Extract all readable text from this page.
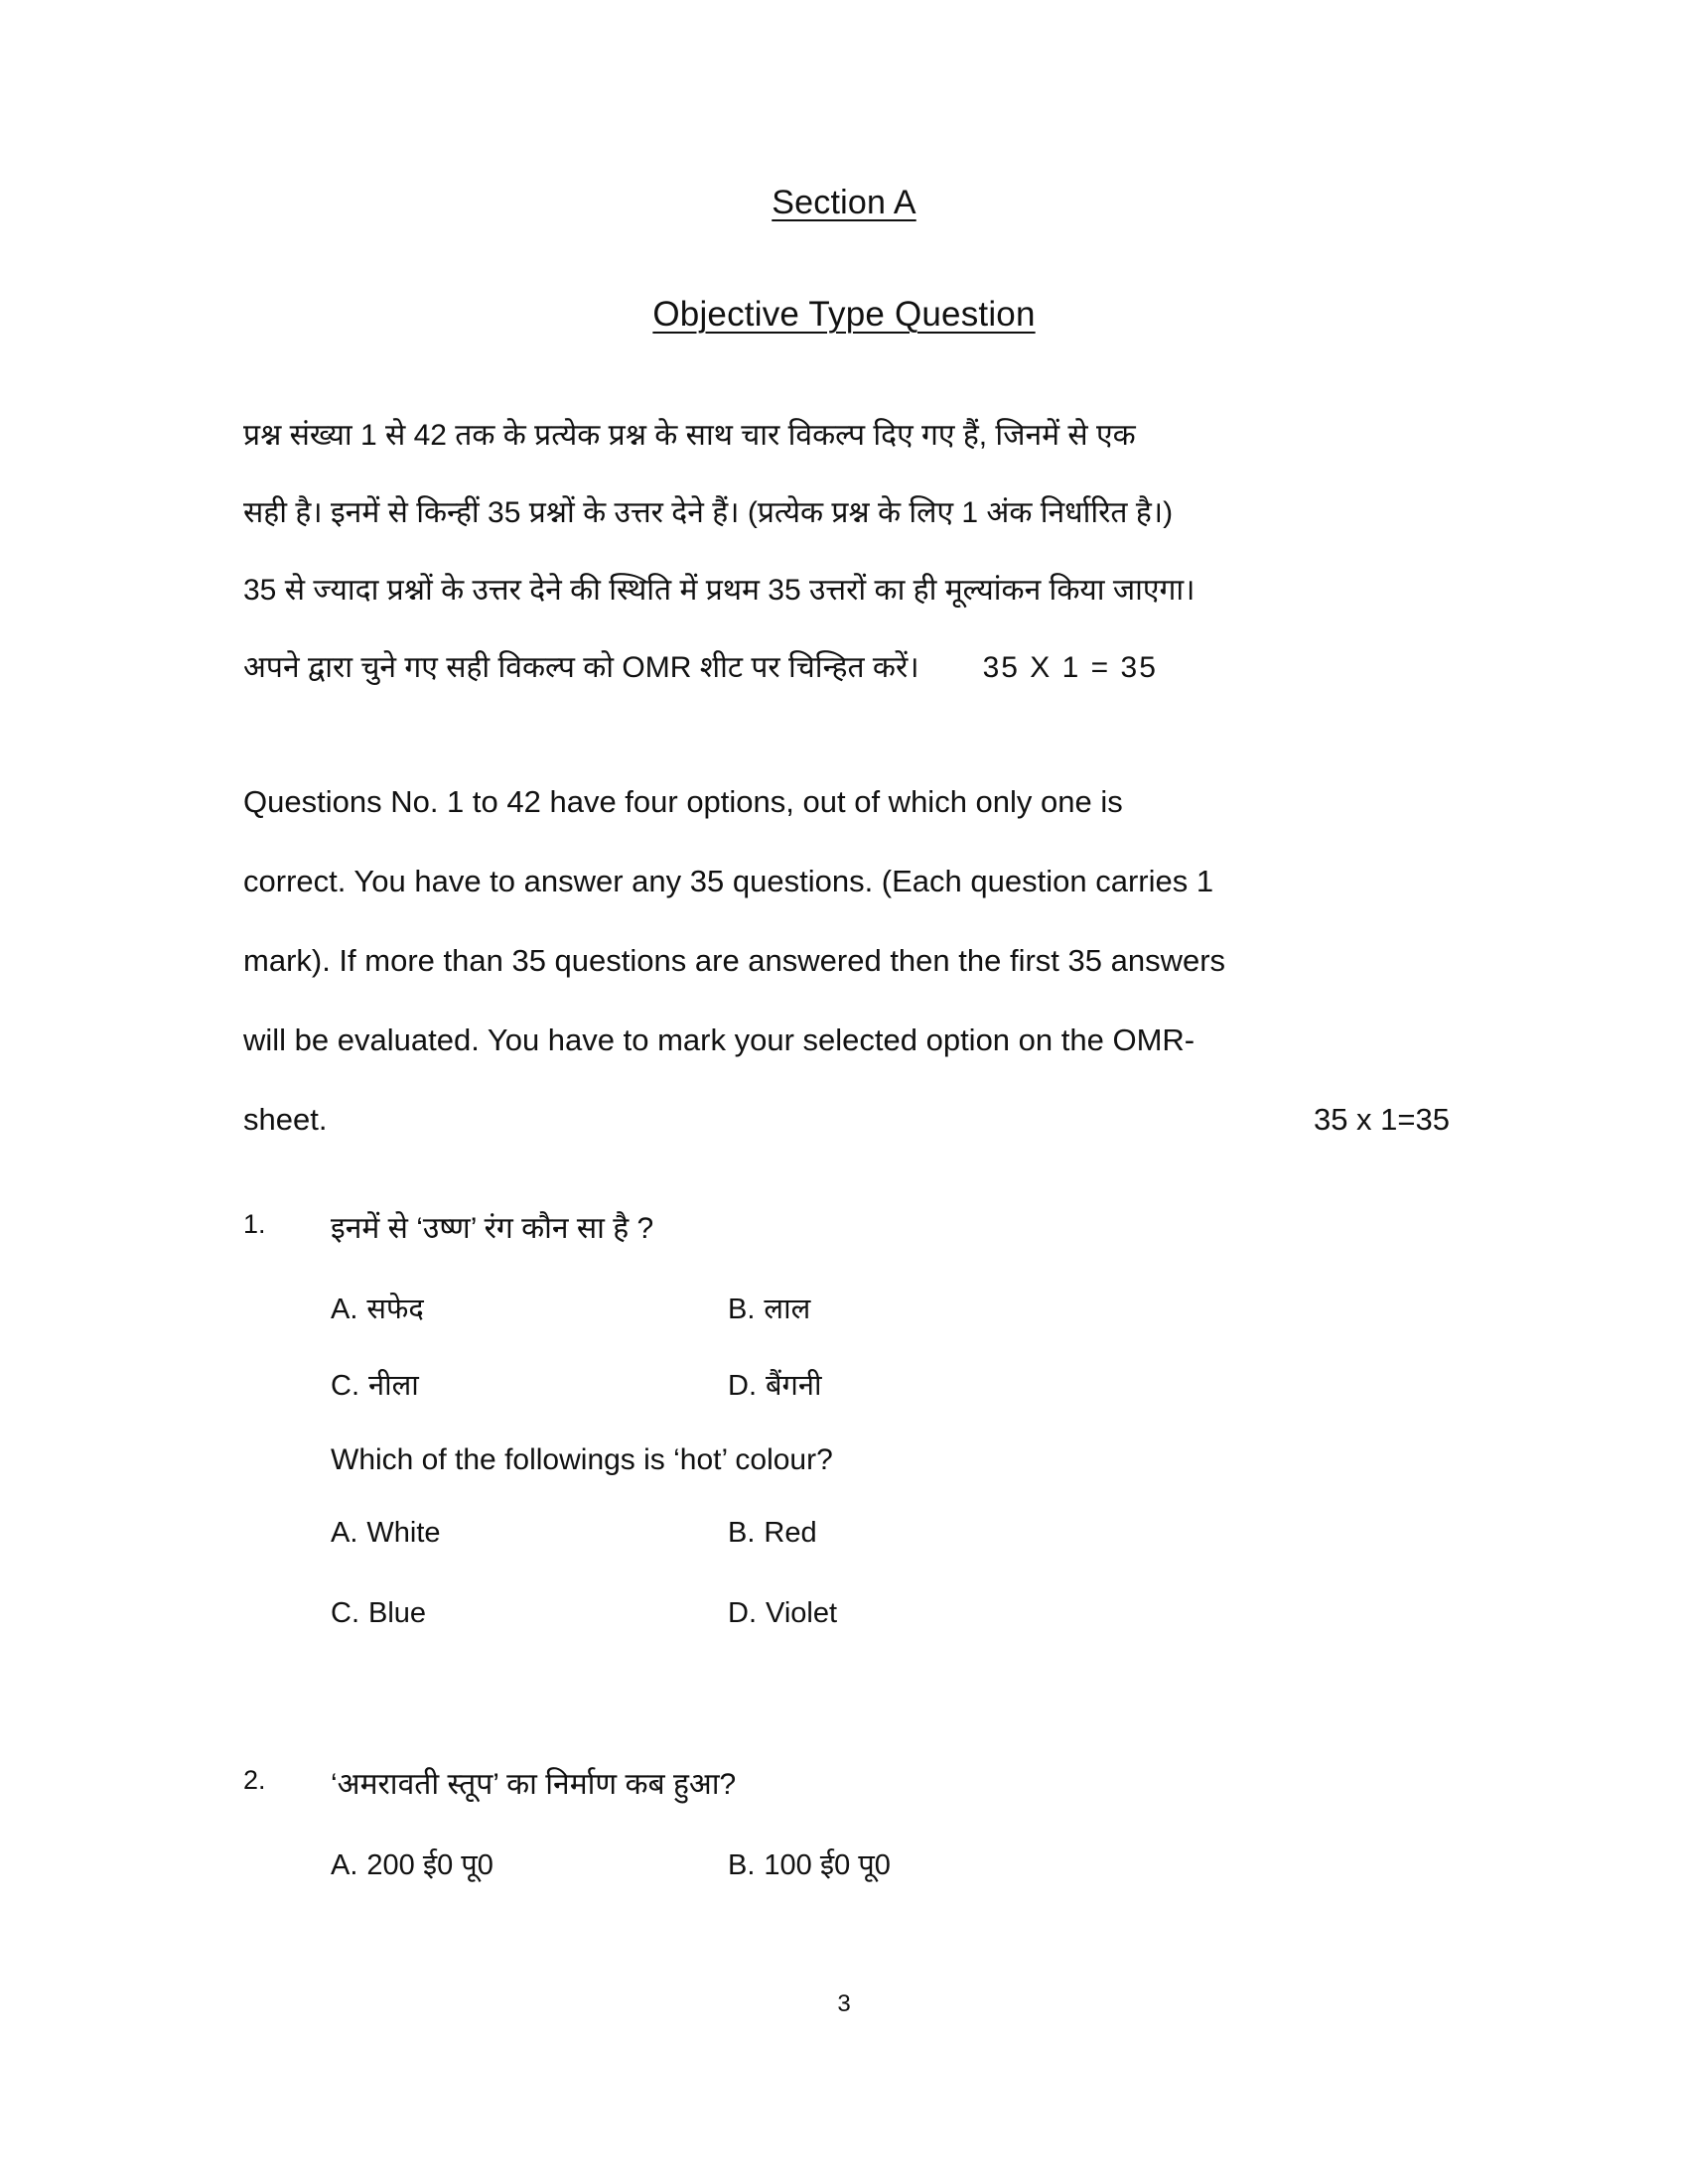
Section A
Objective Type Question
प्रश्न संख्या 1 से 42 तक के प्रत्येक प्रश्न के साथ चार विकल्प दिए गए हैं, जिनमें से एक
सही है। इनमें से किन्हीं 35 प्रश्नों के उत्तर देने हैं। (प्रत्येक प्रश्न के लिए 1 अंक निर्धारित है।)
35 से ज्यादा प्रश्नों के उत्तर देने की स्थिति में प्रथम 35 उत्तरों का ही मूल्यांकन किया जाएगा।
अपने द्वारा चुने गए सही विकल्प को OMR शीट पर चिन्हित करें। 35 X 1 = 35
Questions No. 1 to 42 have four options, out of which only one is
correct. You have to answer any 35 questions. (Each question carries 1
mark). If more than 35 questions are answered then the first 35 answers
will be evaluated. You have to mark your selected option on the OMR-
sheet.	35 x 1=35
1.	इनमें से ‘उष्ण’ रंग कौन सा है ?
A. सफेद	B. लाल
C. नीला	D. बैंगनी
Which of the followings is ‘hot’ colour?
A. White	B. Red
C. Blue	D. Violet
2.	‘अमरावती स्तूप’ का निर्माण कब हुआ?
A. 200 ई0 पू0	B. 100 ई0 पू0
3
